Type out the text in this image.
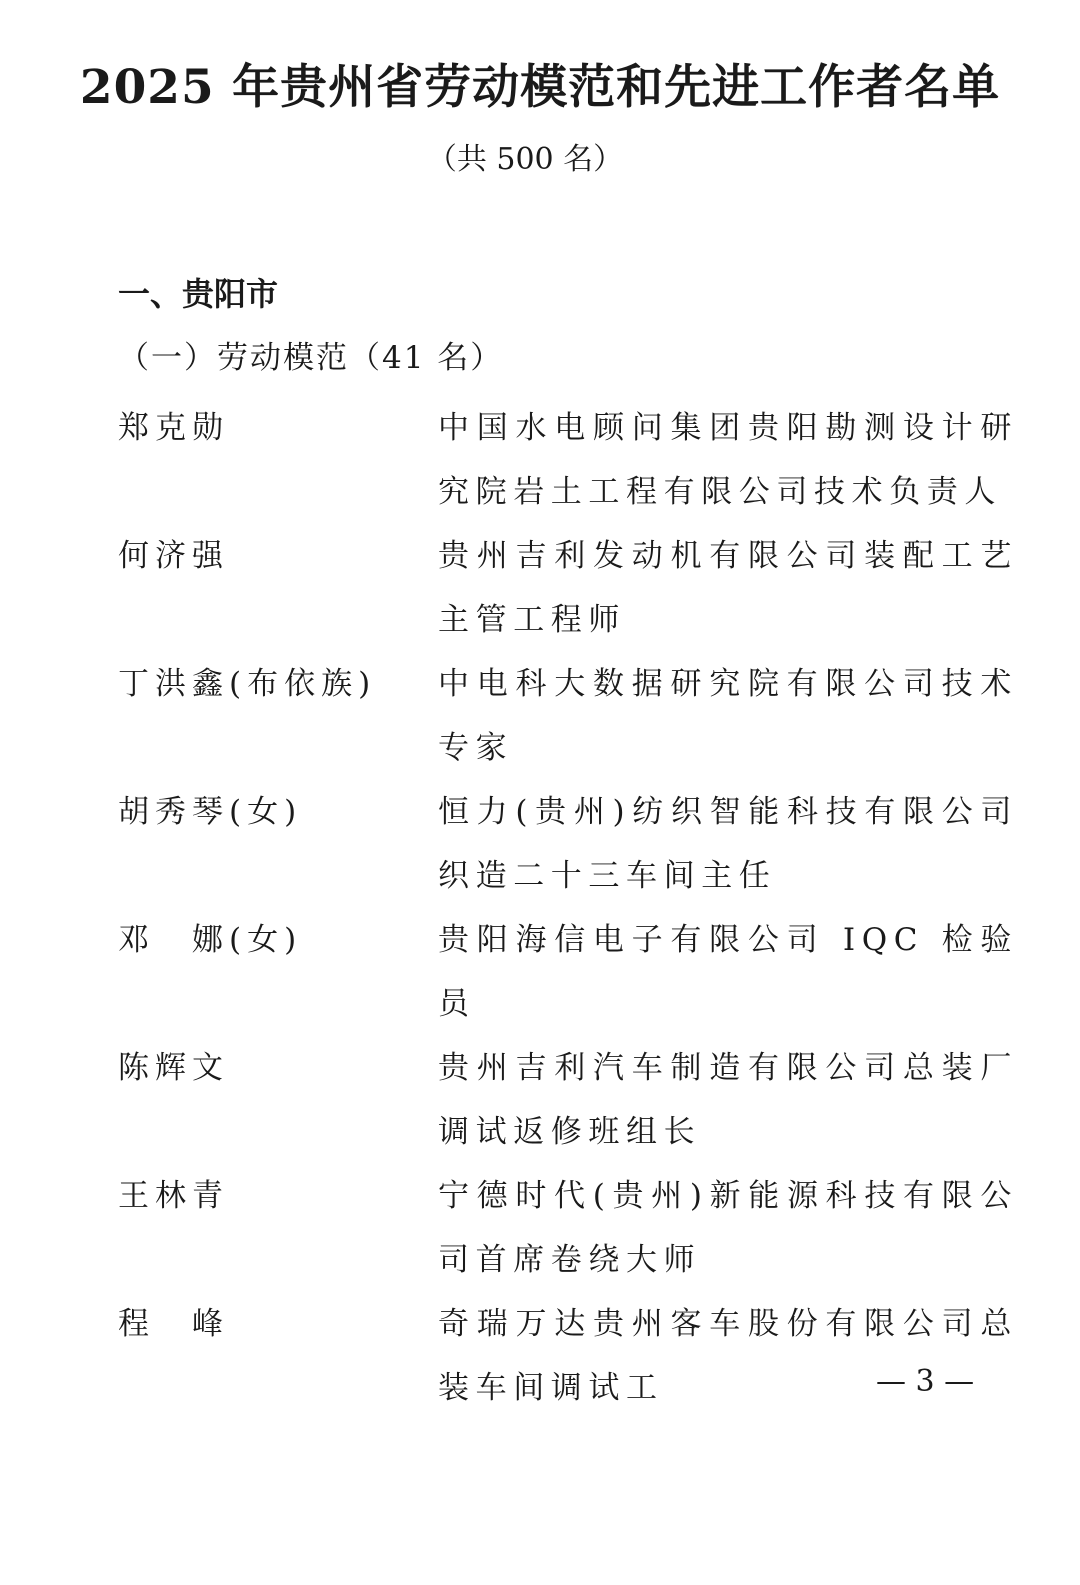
2025 年贵州省劳动模范和先进工作者名单
（共 500 名）
一、贵阳市
（一）劳动模范（41 名）
郑克勋	中国水电顾问集团贵阳勘测设计研究院岩土工程有限公司技术负责人
何济强	贵州吉利发动机有限公司装配工艺主管工程师
丁洪鑫(布依族)	中电科大数据研究院有限公司技术专家
胡秀琴(女)	恒力(贵州)纺织智能科技有限公司织造二十三车间主任
邓　娜(女)	贵阳海信电子有限公司 IQC 检验员
陈辉文	贵州吉利汽车制造有限公司总装厂调试返修班组长
王林青	宁德时代(贵州)新能源科技有限公司首席卷绕大师
程　峰	奇瑞万达贵州客车股份有限公司总装车间调试工	— 3 —
